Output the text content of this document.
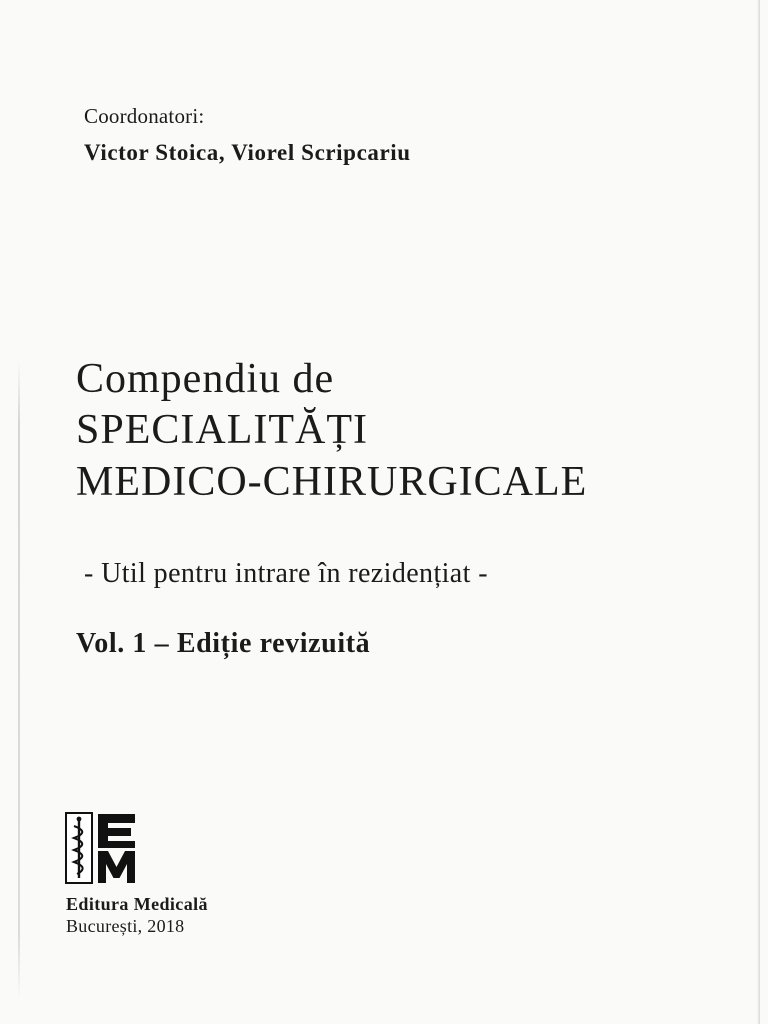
Coordonatori:
Victor Stoica, Viorel Scripcariu
Compendiu de
SPECIALITĂȚI
MEDICO-CHIRURGICALE
- Util pentru intrare în rezidențiat -
Vol. 1 – Ediție revizuită
Editura Medicală
București, 2018
